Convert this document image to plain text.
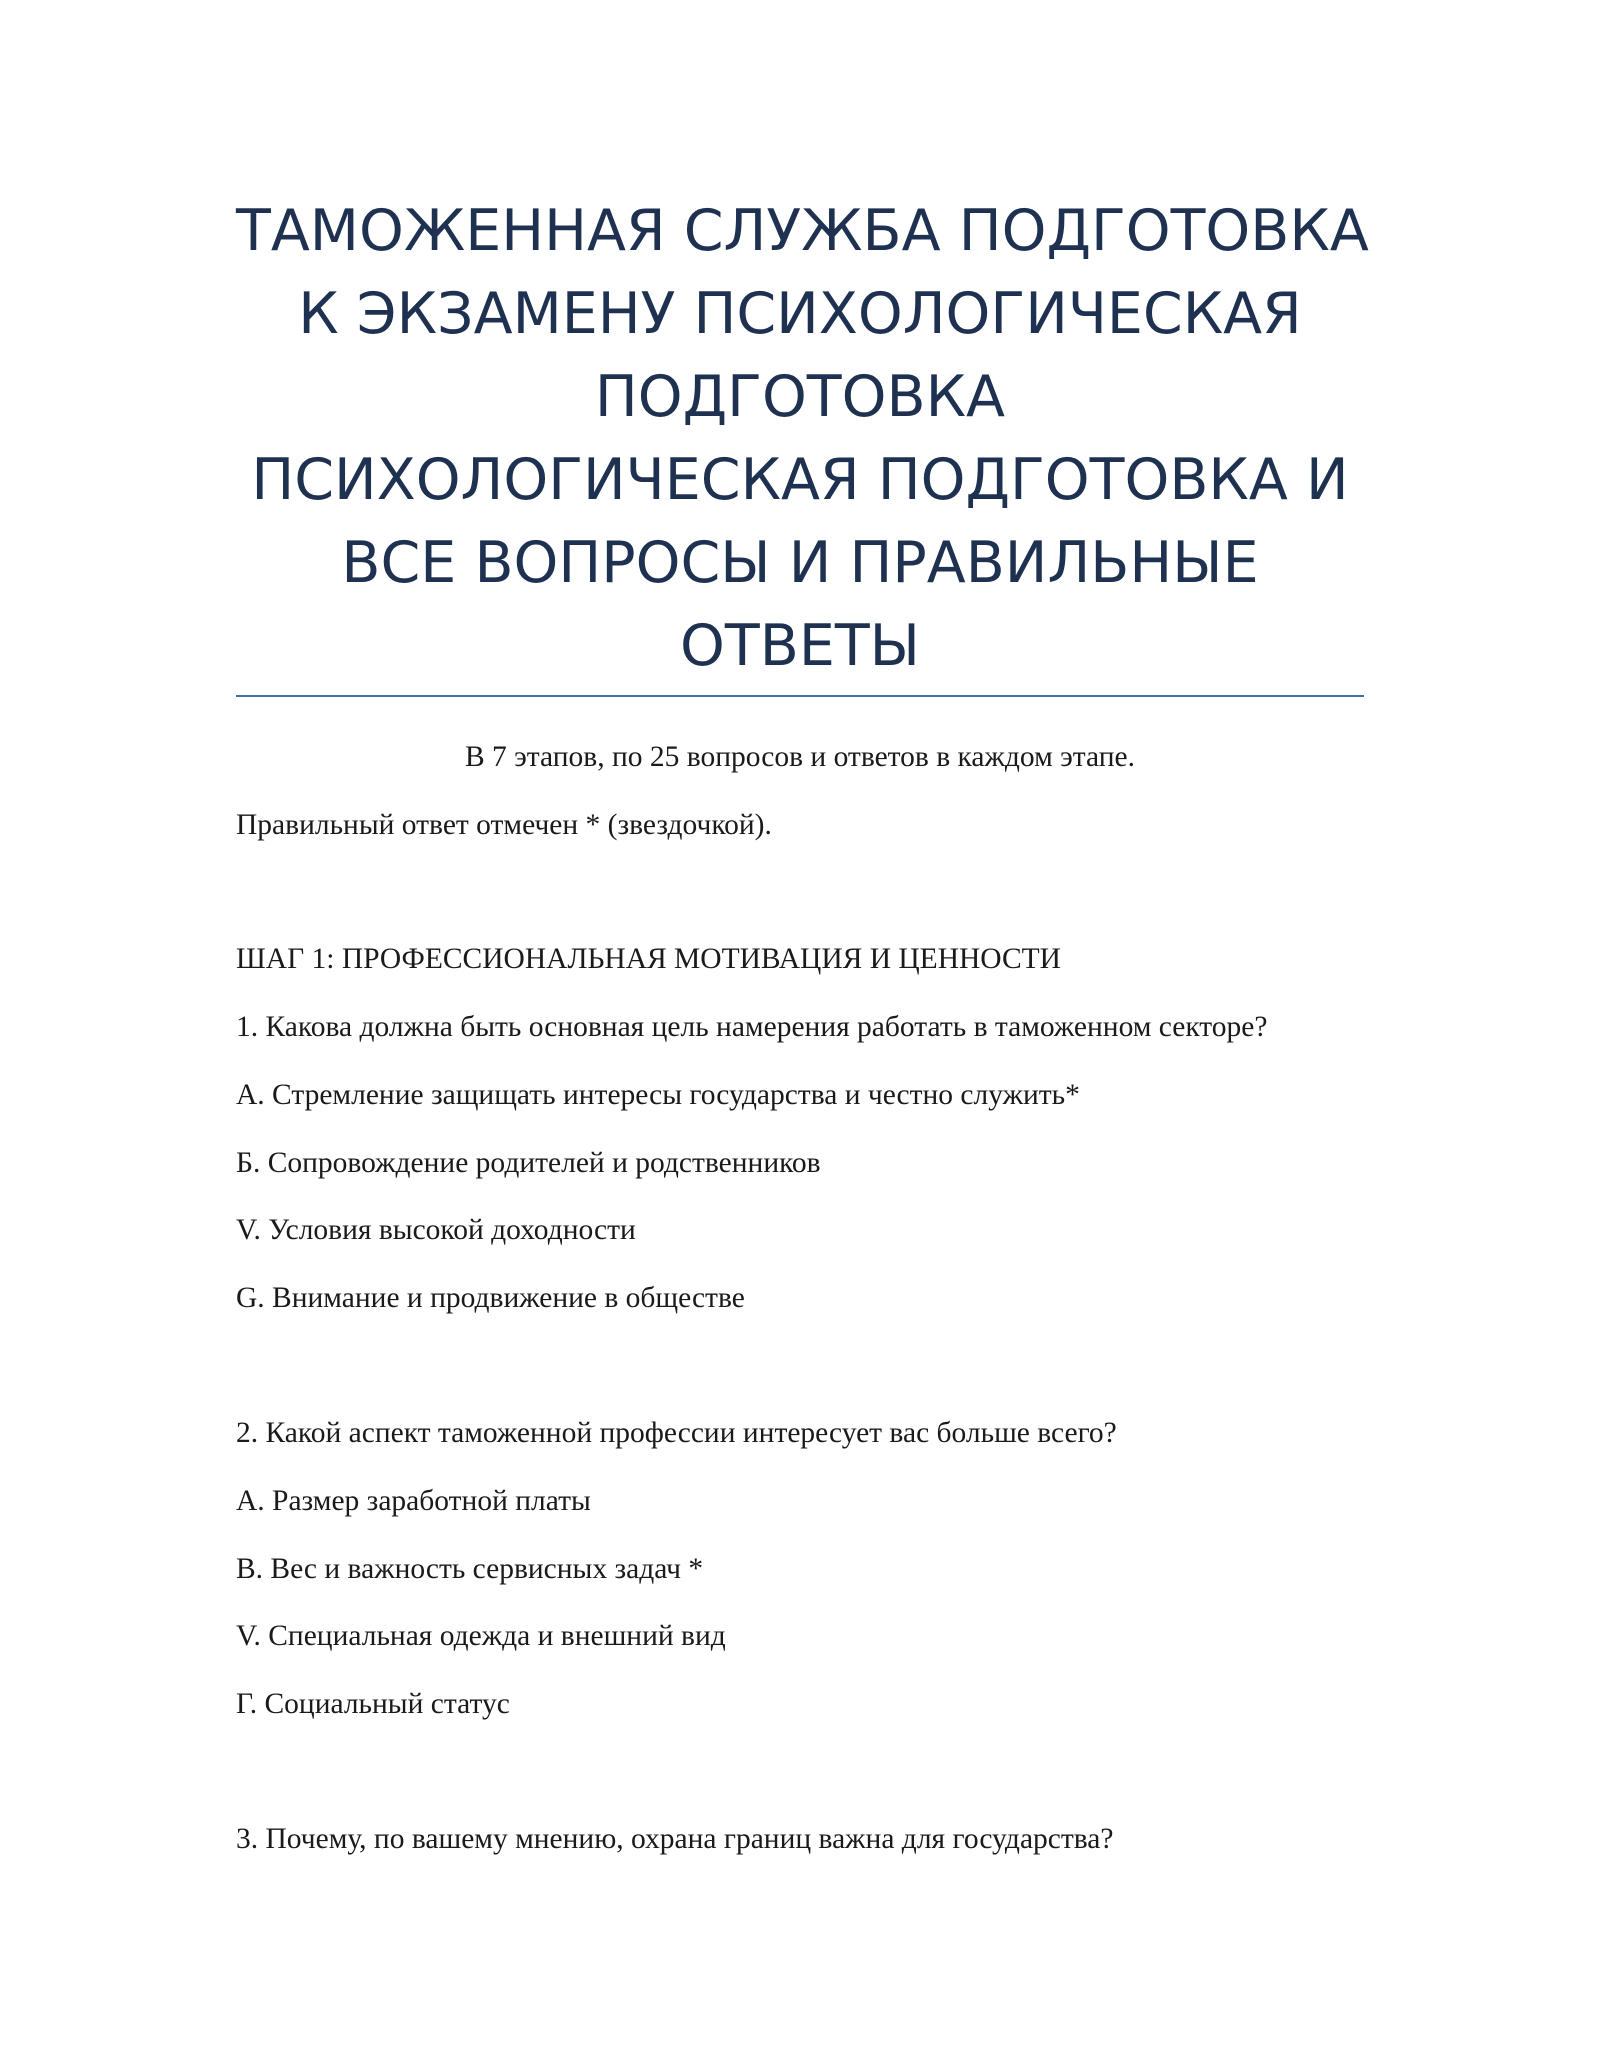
ТАМОЖЕННАЯ СЛУЖБА ПОДГОТОВКА
К ЭКЗАМЕНУ ПСИХОЛОГИЧЕСКАЯ
ПОДГОТОВКА
ПСИХОЛОГИЧЕСКАЯ ПОДГОТОВКА И
ВСЕ ВОПРОСЫ И ПРАВИЛЬНЫЕ
ОТВЕТЫ
В 7 этапов, по 25 вопросов и ответов в каждом этапе.
Правильный ответ отмечен * (звездочкой).
ШАГ 1: ПРОФЕССИОНАЛЬНАЯ МОТИВАЦИЯ И ЦЕННОСТИ
1. Какова должна быть основная цель намерения работать в таможенном секторе?
А. Стремление защищать интересы государства и честно служить*
Б. Сопровождение родителей и родственников
V. Условия высокой доходности
G. Внимание и продвижение в обществе
2. Какой аспект таможенной профессии интересует вас больше всего?
А. Размер заработной платы
В. Вес и важность сервисных задач *
V. Специальная одежда и внешний вид
Г. Социальный статус
3. Почему, по вашему мнению, охрана границ важна для государства?
